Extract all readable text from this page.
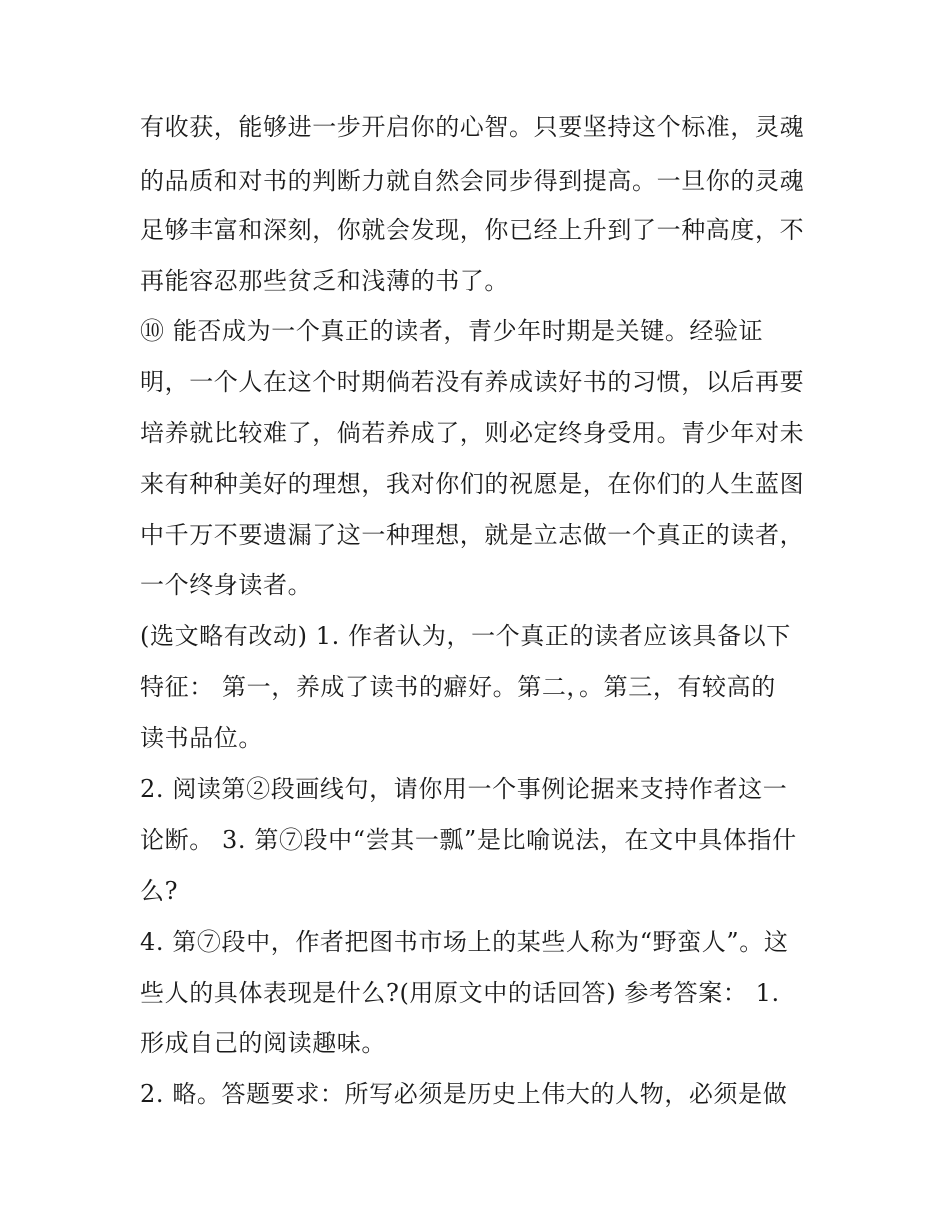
有收获，能够进一步开启你的心智。只要坚持这个标准，灵魂
的品质和对书的判断力就自然会同步得到提高。一旦你的灵魂
足够丰富和深刻，你就会发现，你已经上升到了一种高度，不
再能容忍那些贫乏和浅薄的书了。
⑩ 能否成为一个真正的读者，青少年时期是关键。经验证
明，一个人在这个时期倘若没有养成读好书的习惯，以后再要
培养就比较难了，倘若养成了，则必定终身受用。青少年对未
来有种种美好的理想，我对你们的祝愿是，在你们的人生蓝图
中千万不要遗漏了这一种理想，就是立志做一个真正的读者，
一个终身读者。
(选文略有改动) 1. 作者认为，一个真正的读者应该具备以下
特征： 第一，养成了读书的癖好。第二，。第三，有较高的
读书品位。
2. 阅读第②段画线句，请你用一个事例论据来支持作者这一
论断。 3. 第⑦段中“尝其一瓢”是比喻说法，在文中具体指什
么?
4. 第⑦段中，作者把图书市场上的某些人称为“野蛮人”。这
些人的具体表现是什么?(用原文中的话回答) 参考答案： 1.
形成自己的阅读趣味。
2. 略。答题要求：所写必须是历史上伟大的人物，必须是做
